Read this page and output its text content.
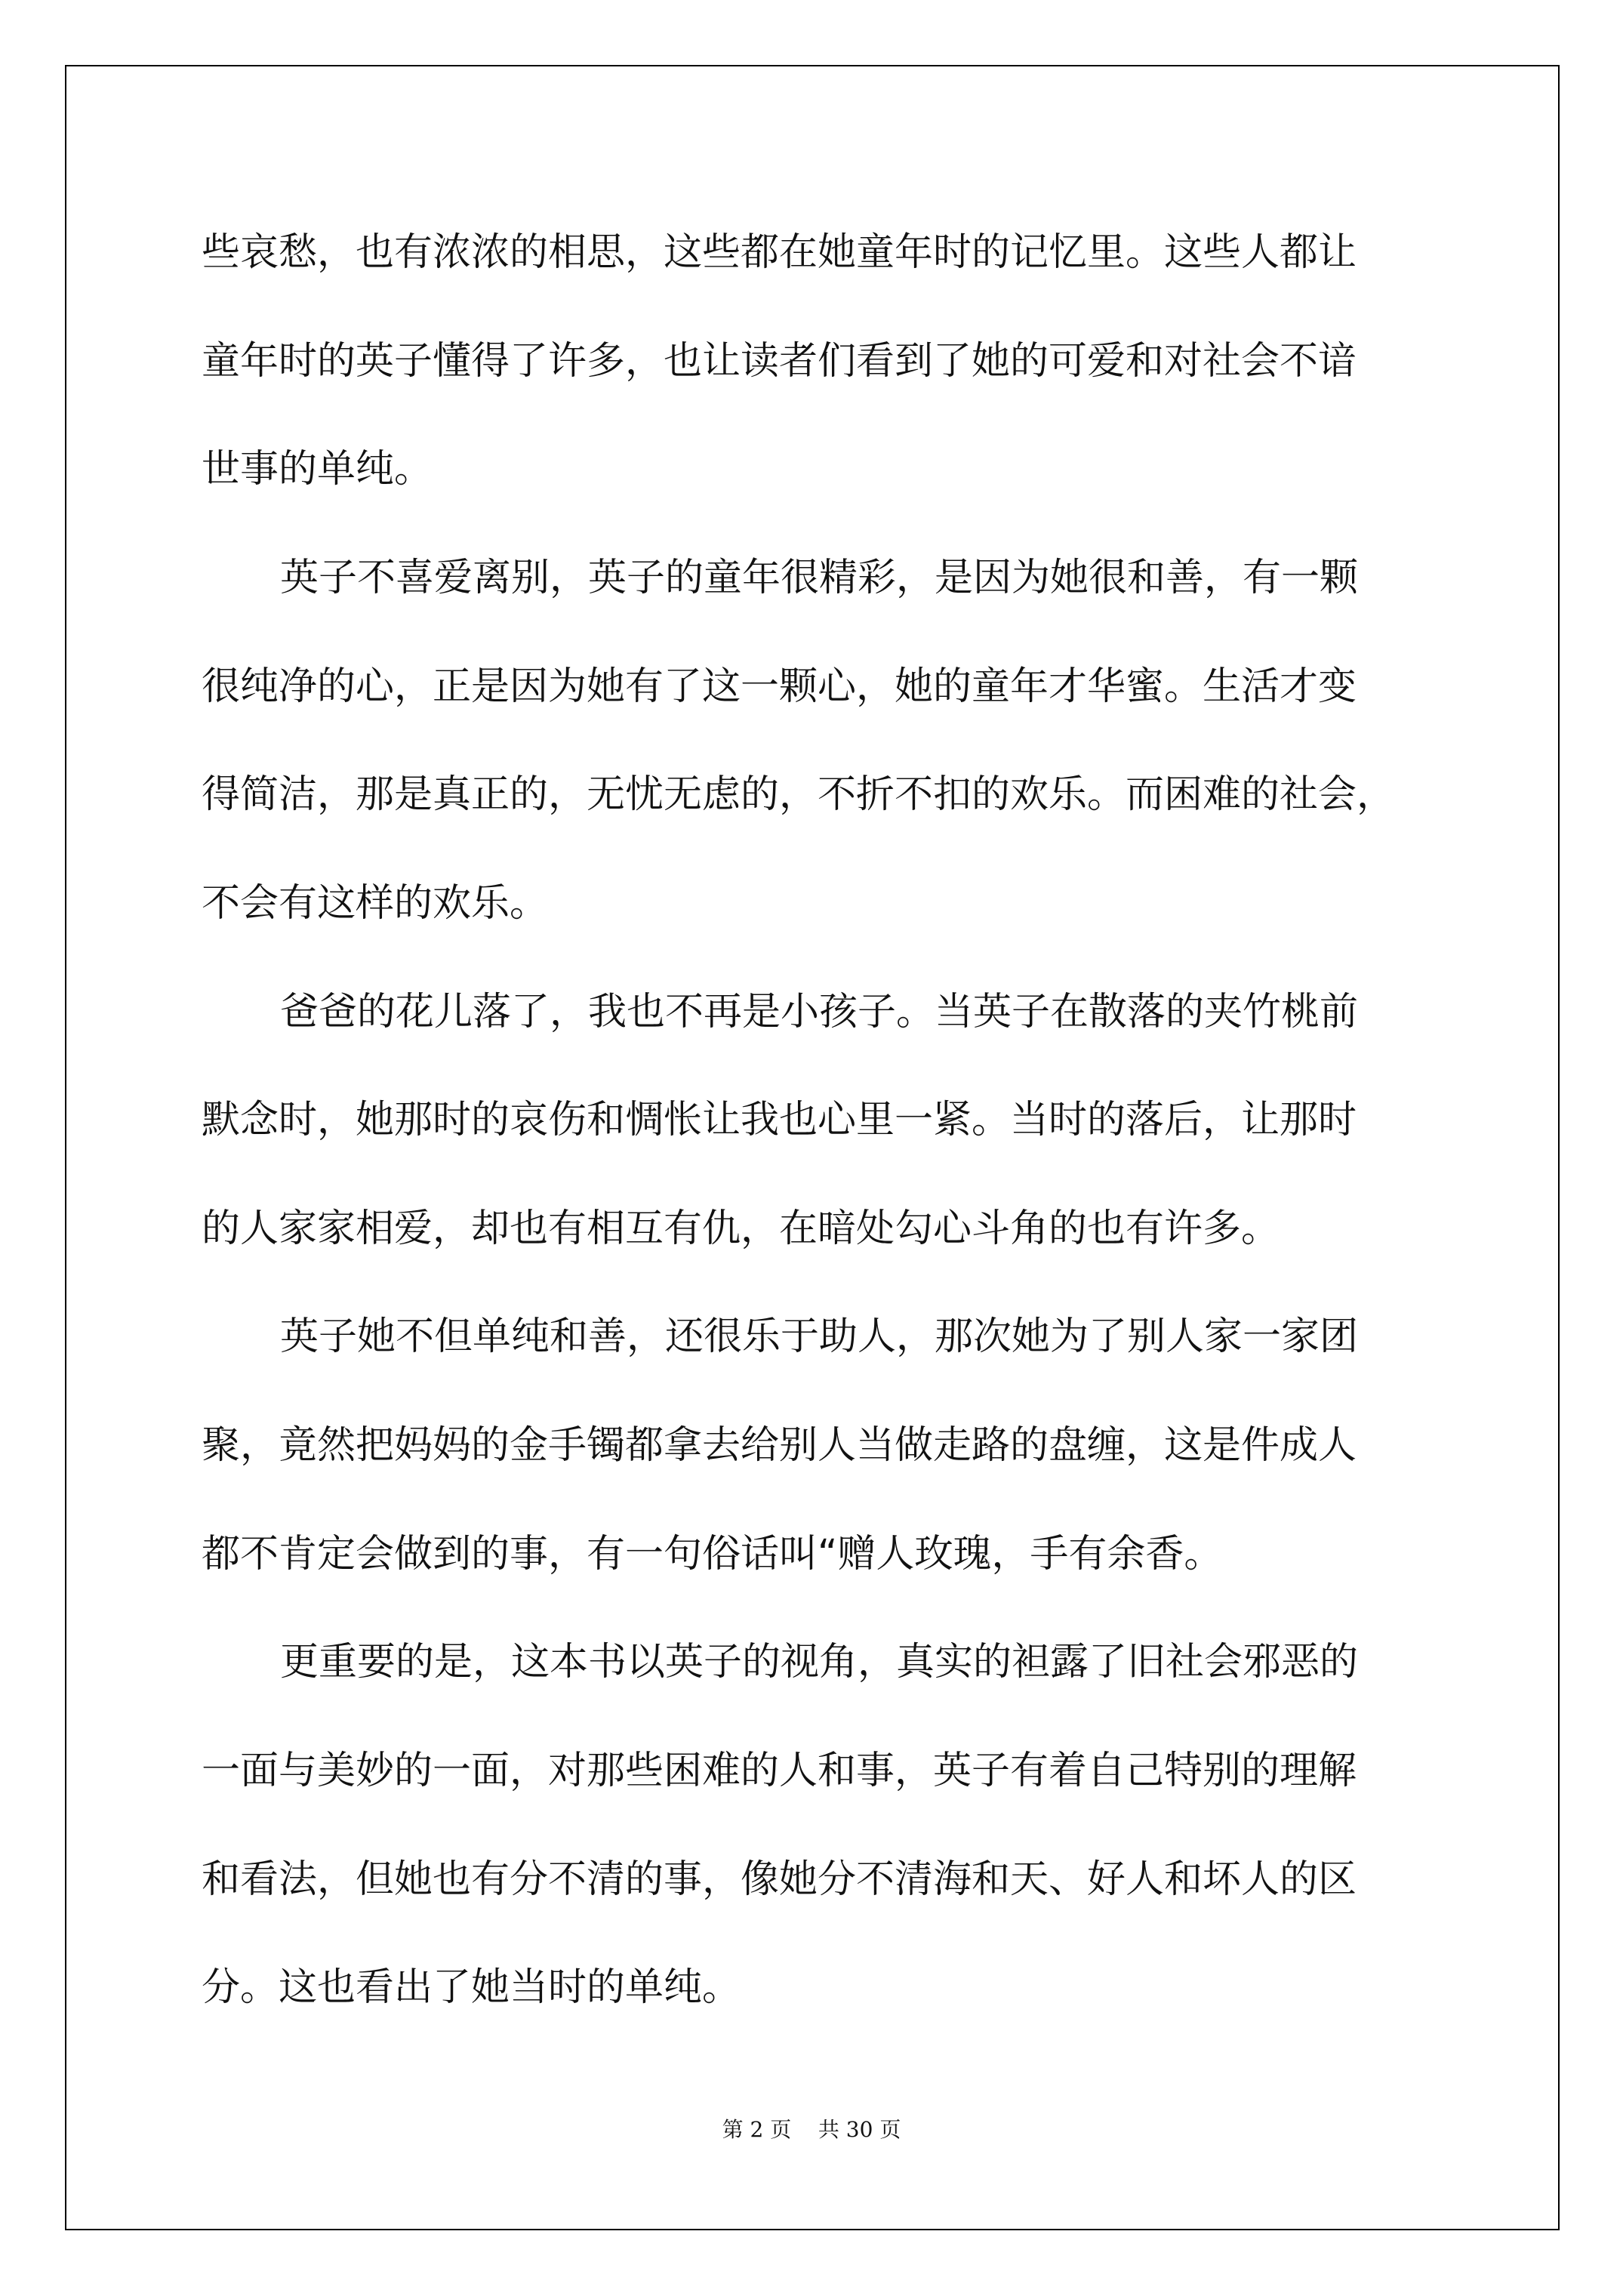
些哀愁，也有浓浓的相思，这些都在她童年时的记忆里。这些人都让
童年时的英子懂得了许多，也让读者们看到了她的可爱和对社会不谙
世事的单纯。
英子不喜爱离别，英子的童年很精彩，是因为她很和善，有一颗
很纯净的心，正是因为她有了这一颗心，她的童年才华蜜。生活才变
得简洁，那是真正的，无忧无虑的，不折不扣的欢乐。而困难的社会，
不会有这样的欢乐。
爸爸的花儿落了，我也不再是小孩子。当英子在散落的夹竹桃前
默念时，她那时的哀伤和惆怅让我也心里一紧。当时的落后，让那时
的人家家相爱，却也有相互有仇，在暗处勾心斗角的也有许多。
英子她不但单纯和善，还很乐于助人，那次她为了别人家一家团
聚，竟然把妈妈的金手镯都拿去给别人当做走路的盘缠，这是件成人
都不肯定会做到的事，有一句俗话叫“赠人玫瑰，手有余香。
更重要的是，这本书以英子的视角，真实的袒露了旧社会邪恶的
一面与美妙的一面，对那些困难的人和事，英子有着自己特别的理解
和看法，但她也有分不清的事，像她分不清海和天、好人和坏人的区
分。这也看出了她当时的单纯。
第 2 页 共 30 页
